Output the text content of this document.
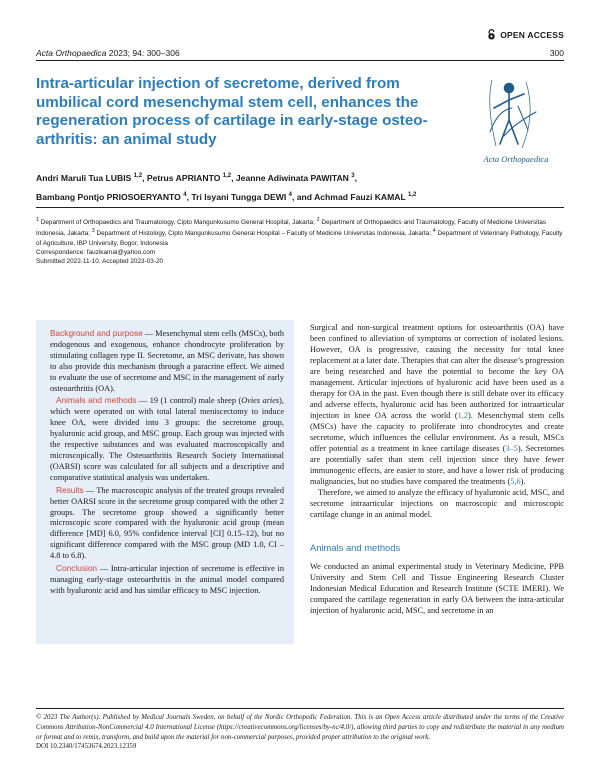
OPEN ACCESS
Acta Orthopaedica 2023; 94: 300–306	300
Intra-articular injection of secretome, derived from umbilical cord mesenchymal stem cell, enhances the regeneration process of cartilage in early-stage osteo-arthritis: an animal study
Acta Orthopaedica
Andri Maruli Tua LUBIS $^{1,2}$, Petrus APRIANTO $^{1,2}$, Jeanne Adiwinata PAWITAN $^3$,
Bambang Pontjo PRIOSOERYANTO $^4$, Tri Isyani Tungga DEWI $^4$, and Achmad Fauzi KAMAL $^{1,2}$
$^1$ Department of Orthopaedics and Traumatology, Cipto Mangunkusumo General Hospital, Jakarta; $^2$ Department of Orthopaedics and Traumatology, Faculty of Medicine Universitas Indonesia, Jakarta; $^3$ Department of Histology, Cipto Mangunkusumo General Hospital – Faculty of Medicine Universitas Indonesia, Jakarta; $^4$ Department of Veterinary Pathology, Faculty of Agriculture, IBP University, Bogor, Indonesia
Correspondence: fauzikamal@yahoo.com
Submitted 2022-11-10. Accepted 2023-03-20

Background and purpose — Mesenchymal stem cells (MSCs), both endogenous and exogenous, enhance chondrocyte proliferation by stimulating collagen type II. Secretome, an MSC derivate, has shown to also provide this mechanism through a paracrine effect. We aimed to evaluate the use of secretome and MSC in the management of early osteoarthritis (OA).

Animals and methods — 19 (1 control) male sheep (Ovies aries), which were operated on with total lateral meniscectomy to induce knee OA, were divided into 3 groups: the secretome group, hyaluronic acid group, and MSC group. Each group was injected with the respective substances and was evaluated macroscopically and microscopically. The Osteoarthritis Research Society International (OARSI) score was calculated for all subjects and a descriptive and comparative statistical analysis was undertaken.

Results — The macroscopic analysis of the treated groups revealed better OARSI score in the secretome group compared with the other 2 groups. The secretome group showed a significantly better microscopic score compared with the hyaluronic acid group (mean difference [MD] 6.0, 95% confidence interval [CI] 0.15–12), but no significant difference compared with the MSC group (MD 1.0, CI –4.8 to 6.8).

Conclusion — Intra-articular injection of secretome is effective in managing early-stage osteoarthritis in the animal model compared with hyaluronic acid and has similar efficacy to MSC injection.

Surgical and non-surgical treatment options for osteoarthritis (OA) have been confined to alleviation of symptoms or correction of isolated lesions. However, OA is progressive, causing the necessity for total knee replacement at a later date. Therapies that can alter the disease’s progression are being researched and have the potential to become the key OA management. Articular injections of hyaluronic acid have been used as a therapy for OA in the past. Even though there is still debate over its efficacy and adverse effects, hyaluronic acid has been authorized for intraarticular injection in knee OA across the world (1,2). Mesenchymal stem cells (MSCs) have the capacity to proliferate into chondrocytes and create secretome, which influences the cellular environment. As a result, MSCs offer potential as a treatment in knee cartilage diseases (3–5). Secretomes are potentially safer than stem cell injection since they have fewer immunogenic effects, are easier to store, and have a lower risk of producing malignancies, but no studies have compared the treatments (5,6).

Therefore, we aimed to analyze the efficacy of hyaluronic acid, MSC, and secretome intraarticular injections on macroscopic and microscopic cartilage change in an animal model.

Animals and methods

We conducted an animal experimental study in Veterinary Medicine, PPB University and Stem Cell and Tissue Engineering Research Cluster Indonesian Medical Education and Research Institute (SCTE IMERI). We compared the cartilage regeneration in early OA between the intra-articular injection of hyaluronic acid, MSC, and secretome in an

© 2023 The Author(s). Published by Medical Journals Sweden, on behalf of the Nordic Orthopedic Federation. This is an Open Access article distributed under the terms of the Creative Commons Attribution-NonCommercial 4.0 International License (https://creativecommons.org/licenses/by-nc/4.0/), allowing third parties to copy and redistribute the material in any medium or format and to remix, transform, and build upon the material for non-commercial purposes, provided proper attribution to the original work.

DOI 10.2340/17453674.2023.12359
